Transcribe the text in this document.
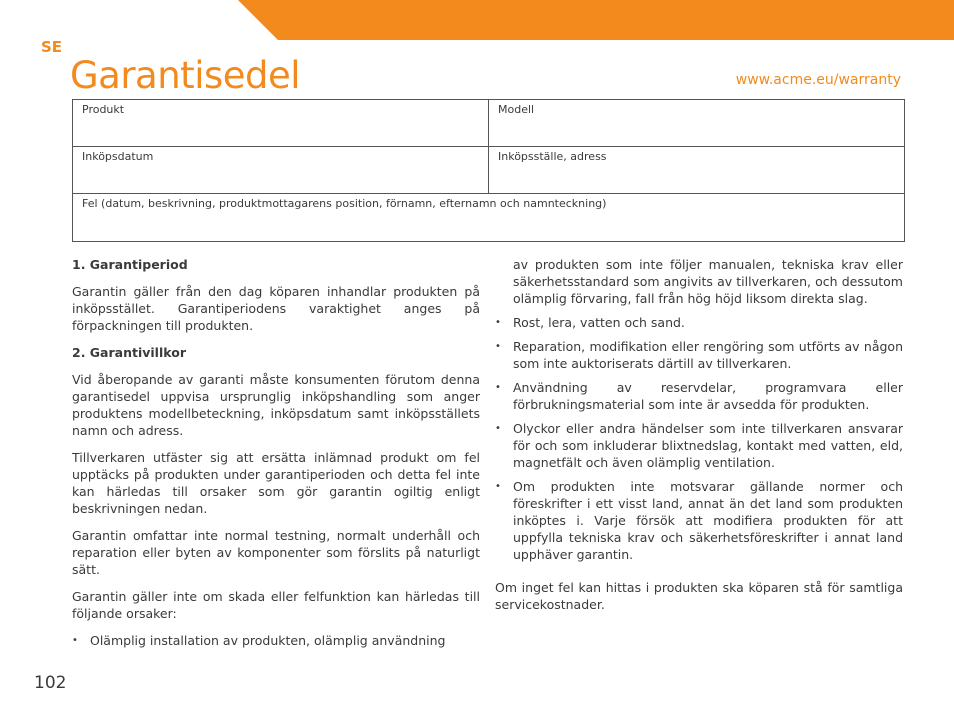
SE
Garantisedel	www.acme.eu/warranty
Produkt	Modell
Inköpsdatum	Inköpsställe, adress
Fel (datum, beskrivning, produktmottagarens position, förnamn, efternamn och namnteckning)
1. Garantiperiod

Garantin gäller från den dag köparen inhandlar produkten på inköpsstället. Garantiperiodens varaktighet anges på förpackningen till produkten.

2. Garantivillkor

Vid åberopande av garanti måste konsumenten förutom denna garantisedel uppvisa ursprunglig inköpshandling som anger produktens modellbeteckning, inköpsdatum samt inköpsställets namn och adress.

Tillverkaren utfäster sig att ersätta inlämnad produkt om fel upptäcks på produkten under garantiperioden och detta fel inte kan härledas till orsaker som gör garantin ogiltig enligt beskrivningen nedan.

Garantin omfattar inte normal testning, normalt underhåll och reparation eller byten av komponenter som förslits på naturligt sätt.

Garantin gäller inte om skada eller felfunktion kan härledas till följande orsaker:

• Olämplig installation av produkten, olämplig användning
av produkten som inte följer manualen, tekniska krav eller säkerhetsstandard som angivits av tillverkaren, och dessutom olämplig förvaring, fall från hög höjd liksom direkta slag.
• Rost, lera, vatten och sand.
• Reparation, modifikation eller rengöring som utförts av någon som inte auktoriserats därtill av tillverkaren.
• Användning av reservdelar, programvara eller förbrukningsmaterial som inte är avsedda för produkten.
• Olyckor eller andra händelser som inte tillverkaren ansvarar för och som inkluderar blixtnedslag, kontakt med vatten, eld, magnetfält och även olämplig ventilation.
• Om produkten inte motsvarar gällande normer och föreskrifter i ett visst land, annat än det land som produkten inköptes i. Varje försök att modifiera produkten för att uppfylla tekniska krav och säkerhetsföreskrifter i annat land upphäver garantin.

Om inget fel kan hittas i produkten ska köparen stå för samtliga servicekostnader.

102
